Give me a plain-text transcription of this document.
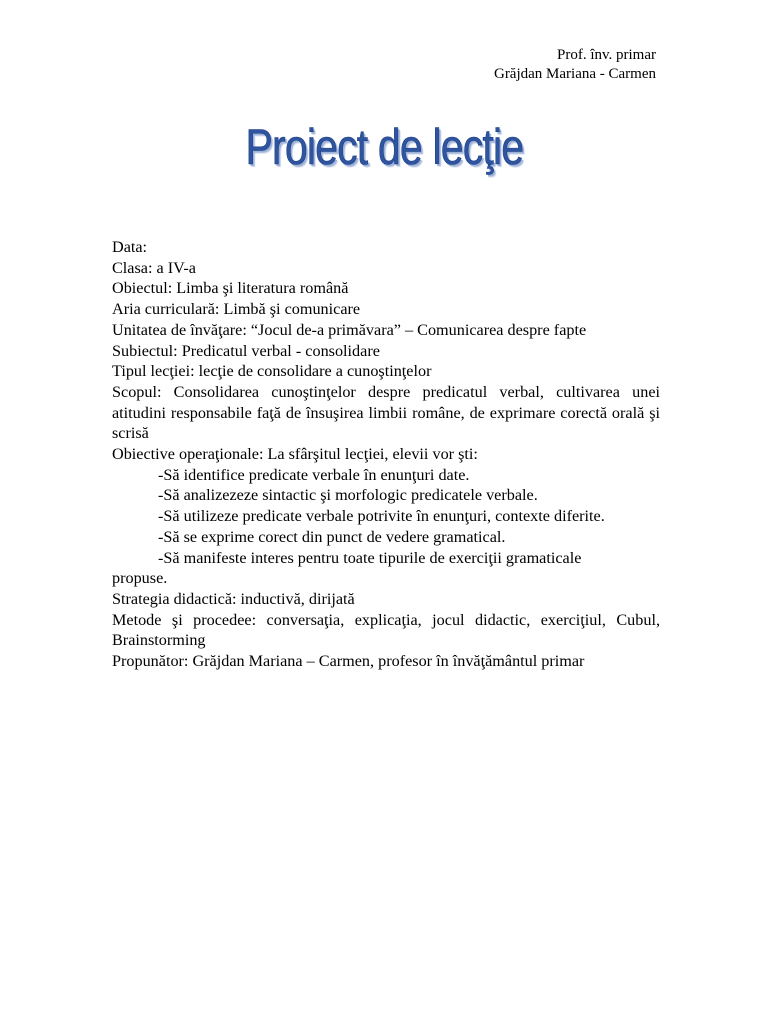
Prof. înv. primar
Grăjdan Mariana - Carmen
Proiect de lecţie
Data:
Clasa: a IV-a
Obiectul: Limba şi literatura română
Aria curriculară: Limbă şi comunicare
Unitatea de învăţare: “Jocul de-a primăvara” – Comunicarea despre fapte
Subiectul: Predicatul verbal - consolidare
Tipul lecţiei: lecţie de consolidare a cunoştinţelor
Scopul: Consolidarea cunoştinţelor despre predicatul verbal, cultivarea unei atitudini responsabile faţă de însuşirea limbii române, de exprimare corectă orală şi scrisă
Obiective operaţionale: La sfârşitul lecţiei, elevii vor şti:
-Să identifice predicate verbale în enunţuri date.
-Să analizezeze sintactic şi morfologic predicatele verbale.
-Să utilizeze predicate verbale potrivite în enunţuri, contexte diferite.
-Să se exprime corect din punct de vedere gramatical.
-Să manifeste interes pentru toate tipurile de exerciţii gramaticale
propuse.
Strategia didactică: inductivă, dirijată
Metode şi procedee: conversaţia, explicaţia, jocul didactic, exerciţiul, Cubul, Brainstorming
Propunător: Grăjdan Mariana – Carmen, profesor în învăţământul primar
